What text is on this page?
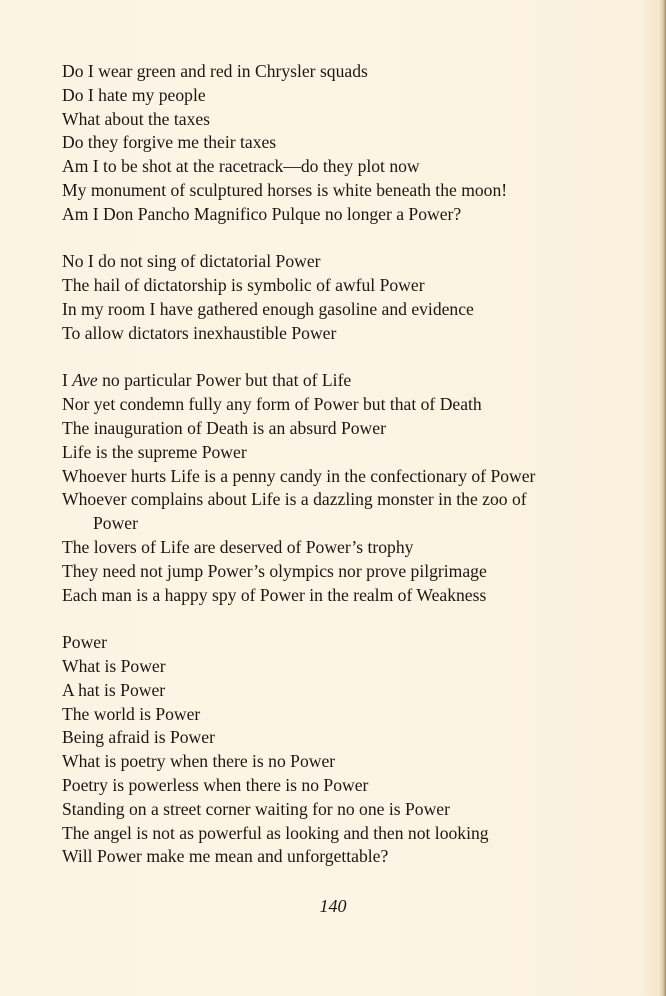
Do I wear green and red in Chrysler squads
Do I hate my people
What about the taxes
Do they forgive me their taxes
Am I to be shot at the racetrack—do they plot now
My monument of sculptured horses is white beneath the moon!
Am I Don Pancho Magnifico Pulque no longer a Power?
No I do not sing of dictatorial Power
The hail of dictatorship is symbolic of awful Power
In my room I have gathered enough gasoline and evidence
To allow dictators inexhaustible Power
I Ave no particular Power but that of Life
Nor yet condemn fully any form of Power but that of Death
The inauguration of Death is an absurd Power
Life is the supreme Power
Whoever hurts Life is a penny candy in the confectionary of Power
Whoever complains about Life is a dazzling monster in the zoo of
Power
The lovers of Life are deserved of Power’s trophy
They need not jump Power’s olympics nor prove pilgrimage
Each man is a happy spy of Power in the realm of Weakness
Power
What is Power
A hat is Power
The world is Power
Being afraid is Power
What is poetry when there is no Power
Poetry is powerless when there is no Power
Standing on a street corner waiting for no one is Power
The angel is not as powerful as looking and then not looking
Will Power make me mean and unforgettable?
140
